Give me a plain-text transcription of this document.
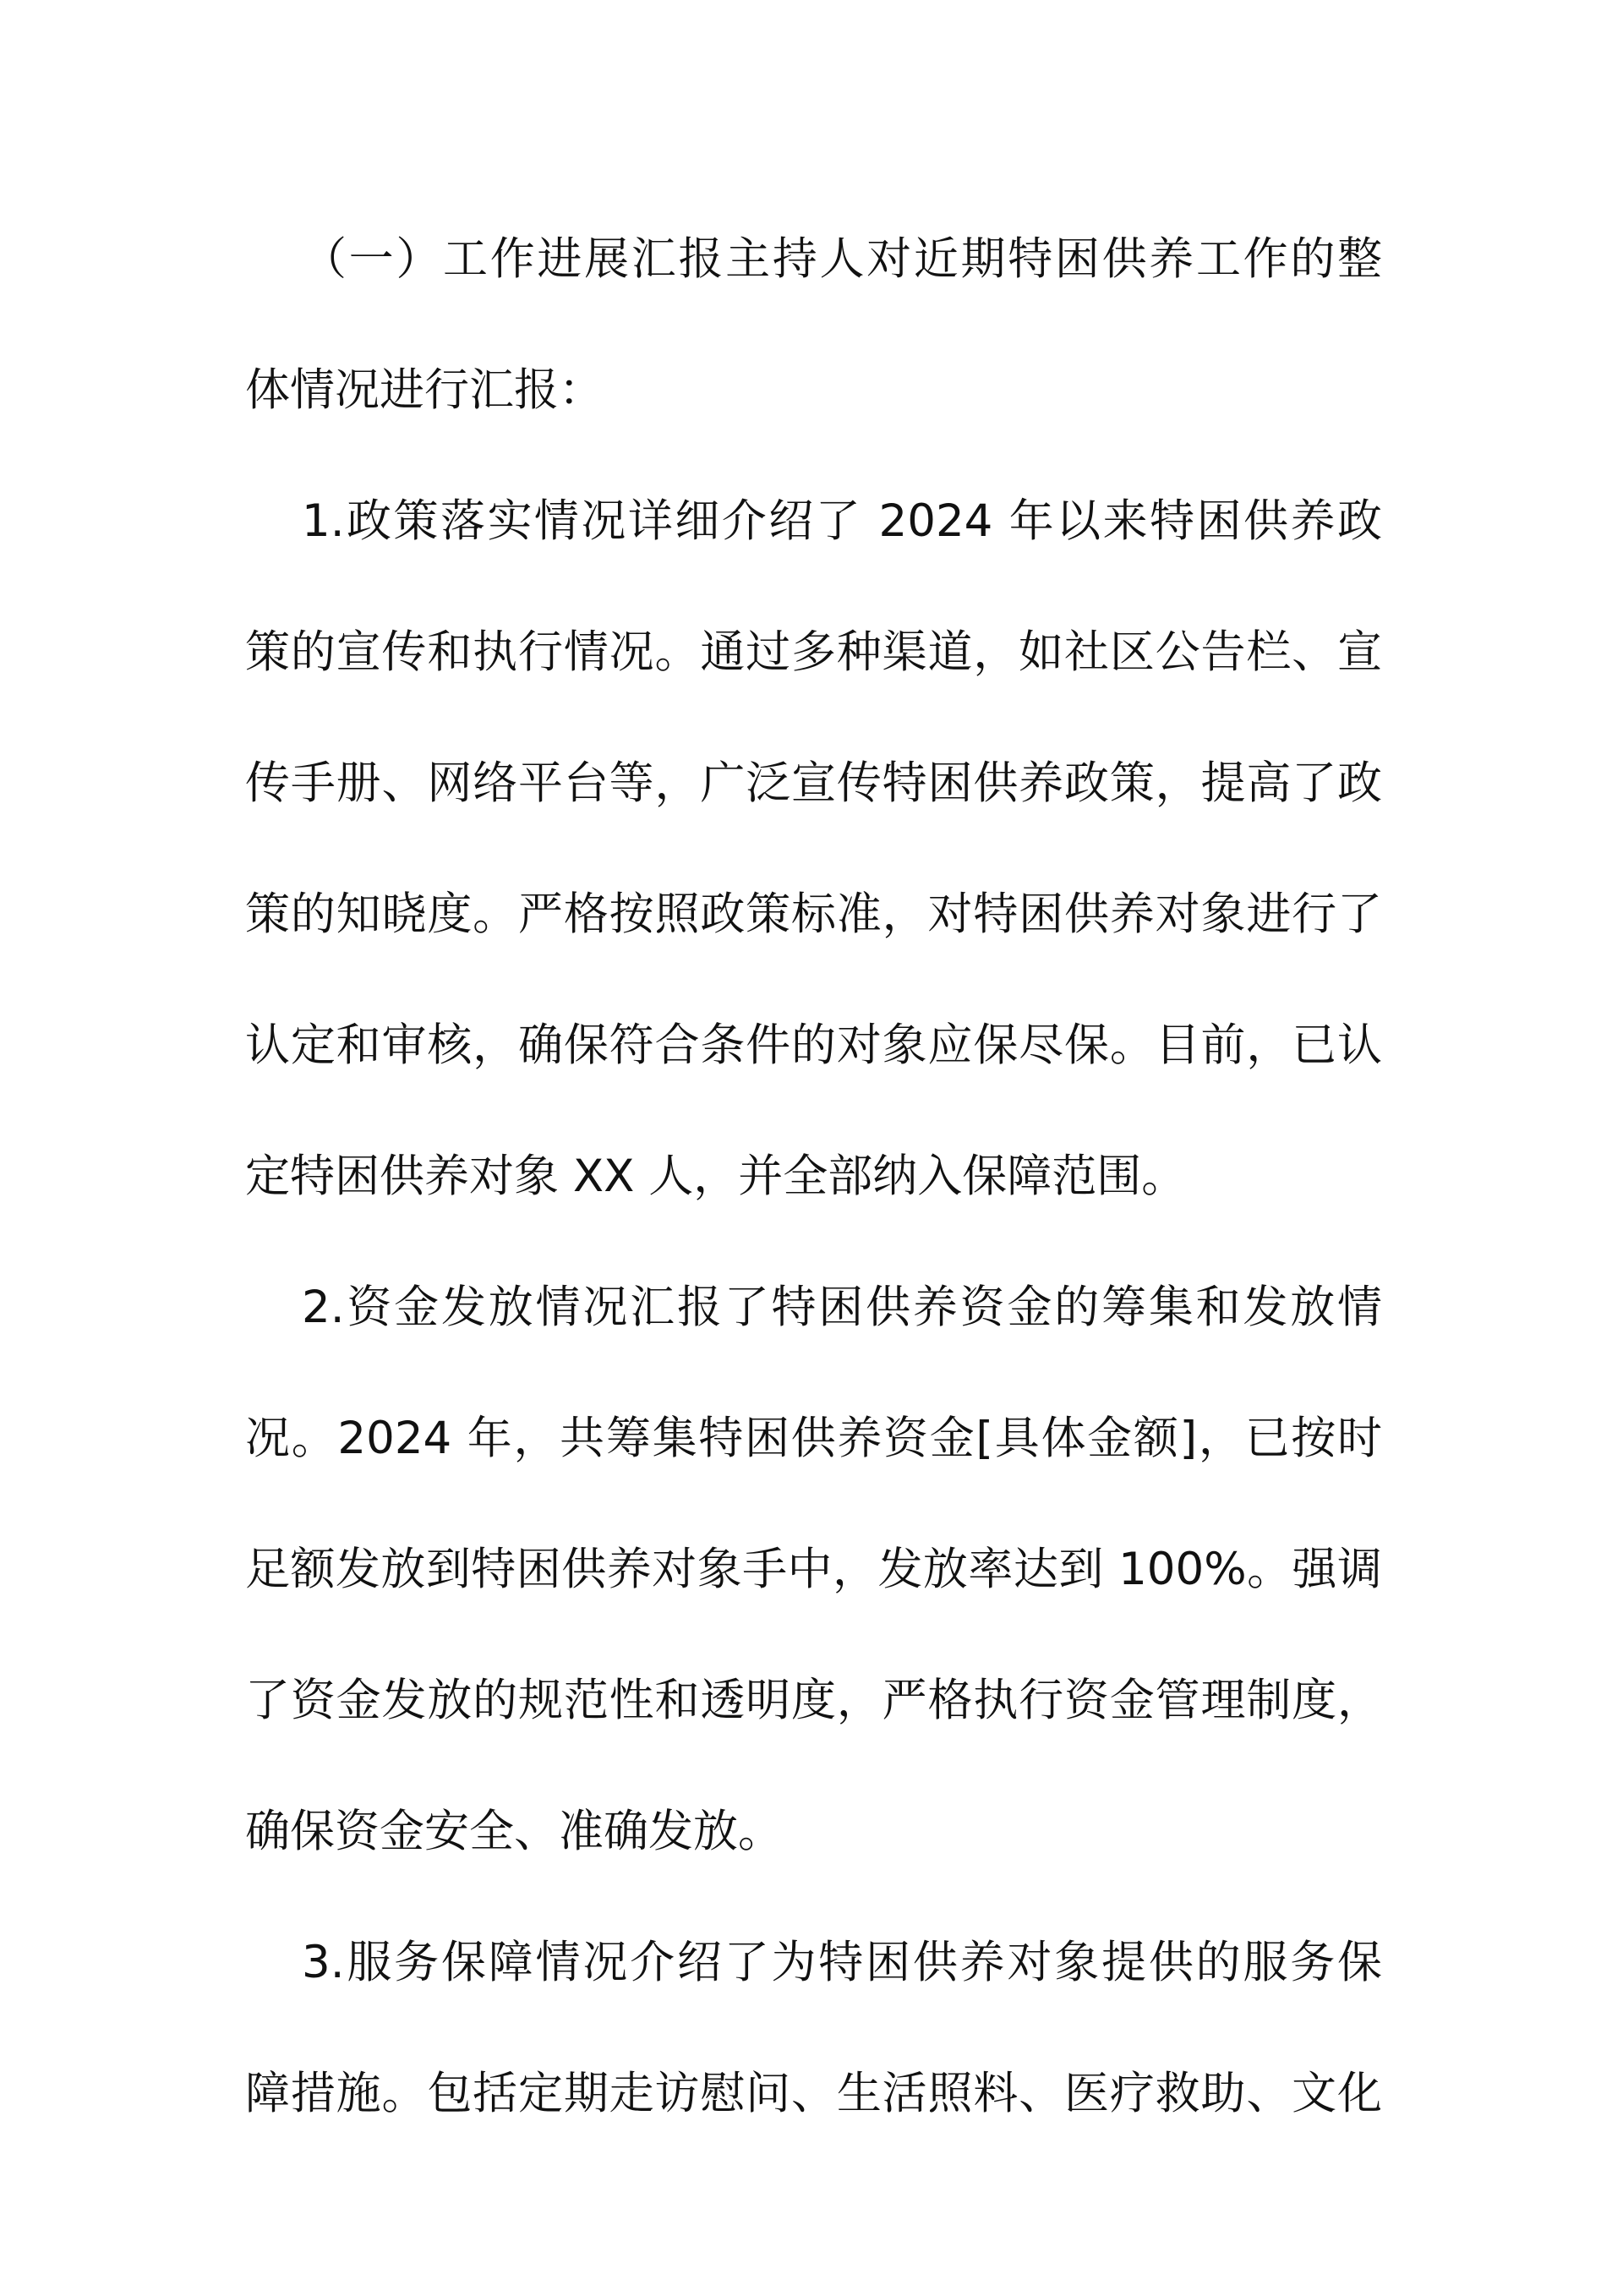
（一）工作进展汇报主持人对近期特困供养工作的整
体情况进行汇报：
1.政策落实情况详细介绍了 2024 年以来特困供养政
策的宣传和执行情况。通过多种渠道，如社区公告栏、宣
传手册、网络平台等，广泛宣传特困供养政策，提高了政
策的知晓度。严格按照政策标准，对特困供养对象进行了
认定和审核，确保符合条件的对象应保尽保。目前，已认
定特困供养对象 XX 人，并全部纳入保障范围。
2.资金发放情况汇报了特困供养资金的筹集和发放情
况。2024 年，共筹集特困供养资金[具体金额]，已按时
足额发放到特困供养对象手中，发放率达到 100%。强调
了资金发放的规范性和透明度，严格执行资金管理制度，
确保资金安全、准确发放。
3.服务保障情况介绍了为特困供养对象提供的服务保
障措施。包括定期走访慰问、生活照料、医疗救助、文化
